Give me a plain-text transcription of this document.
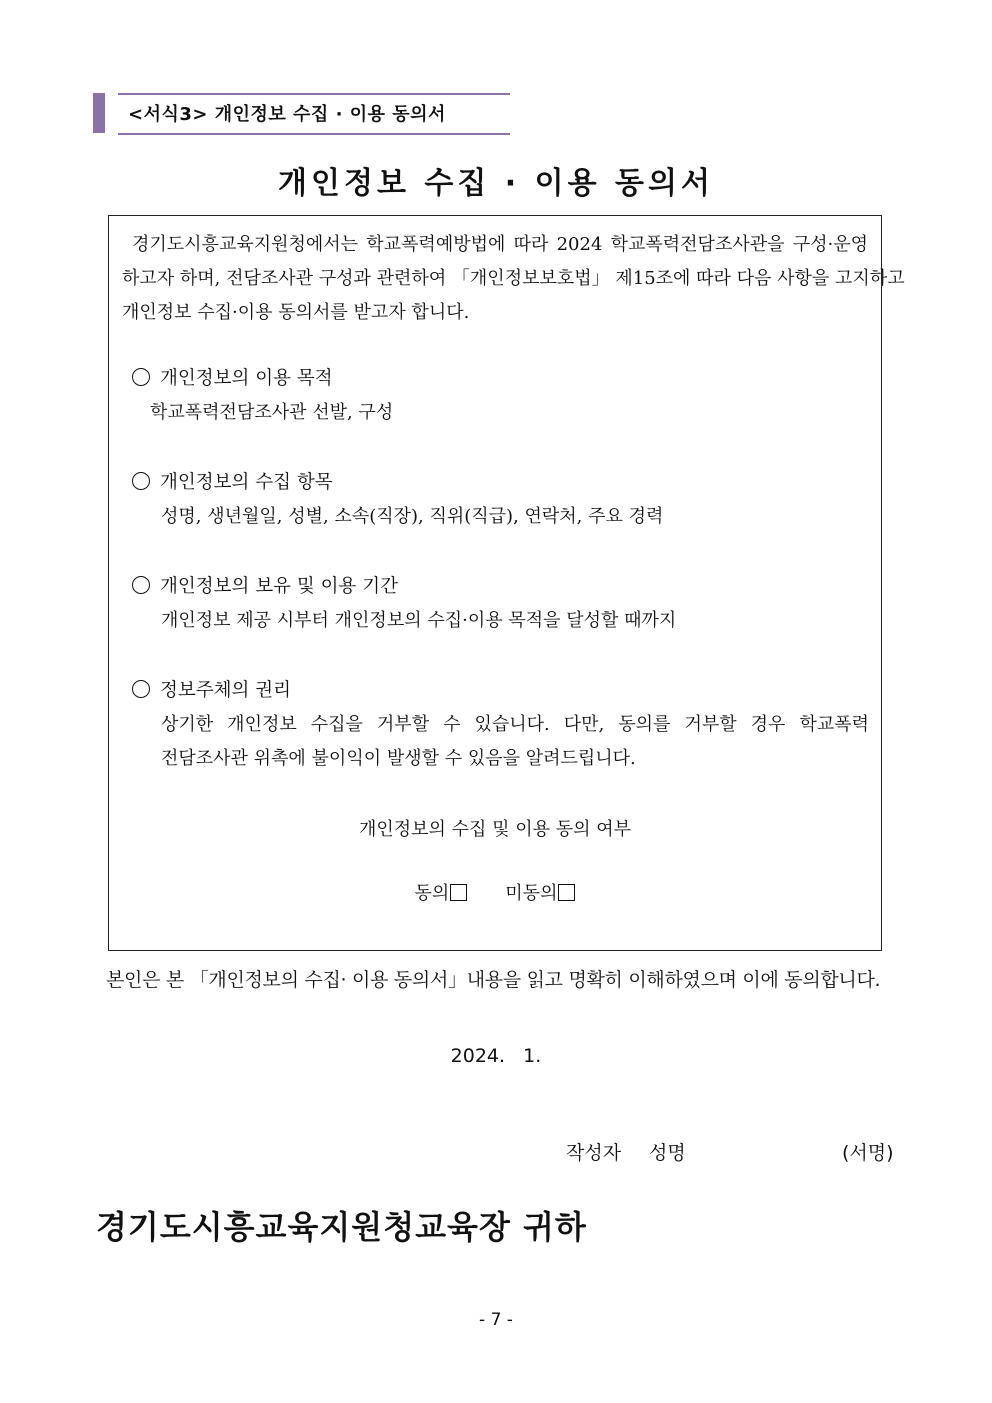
<서식3> 개인정보 수집 · 이용 동의서
개인정보 수집 · 이용 동의서
경기도시흥교육지원청에서는 학교폭력예방법에 따라 2024 학교폭력전담조사관을 구성·운영
하고자 하며, 전담조사관 구성과 관련하여 「개인정보보호법」 제15조에 따라 다음 사항을 고지하고
개인정보 수집·이용 동의서를 받고자 합니다.
개인정보의 이용 목적
학교폭력전담조사관 선발, 구성
개인정보의 수집 항목
성명, 생년월일, 성별, 소속(직장), 직위(직급), 연락처, 주요 경력
개인정보의 보유 및 이용 기간
개인정보 제공 시부터 개인정보의 수집·이용 목적을 달성할 때까지
정보주체의 권리
상기한 개인정보 수집을 거부할 수 있습니다. 다만, 동의를 거부할 경우 학교폭력
전담조사관 위촉에 불이익이 발생할 수 있음을 알려드립니다.
개인정보의 수집 및 이용 동의 여부
동의	미동의
본인은 본 「개인정보의 수집· 이용 동의서」내용을 읽고 명확히 이해하였으며 이에 동의합니다.
2024.   1.
작성자 성명	(서명)
경기도시흥교육지원청교육장 귀하
- 7 -
